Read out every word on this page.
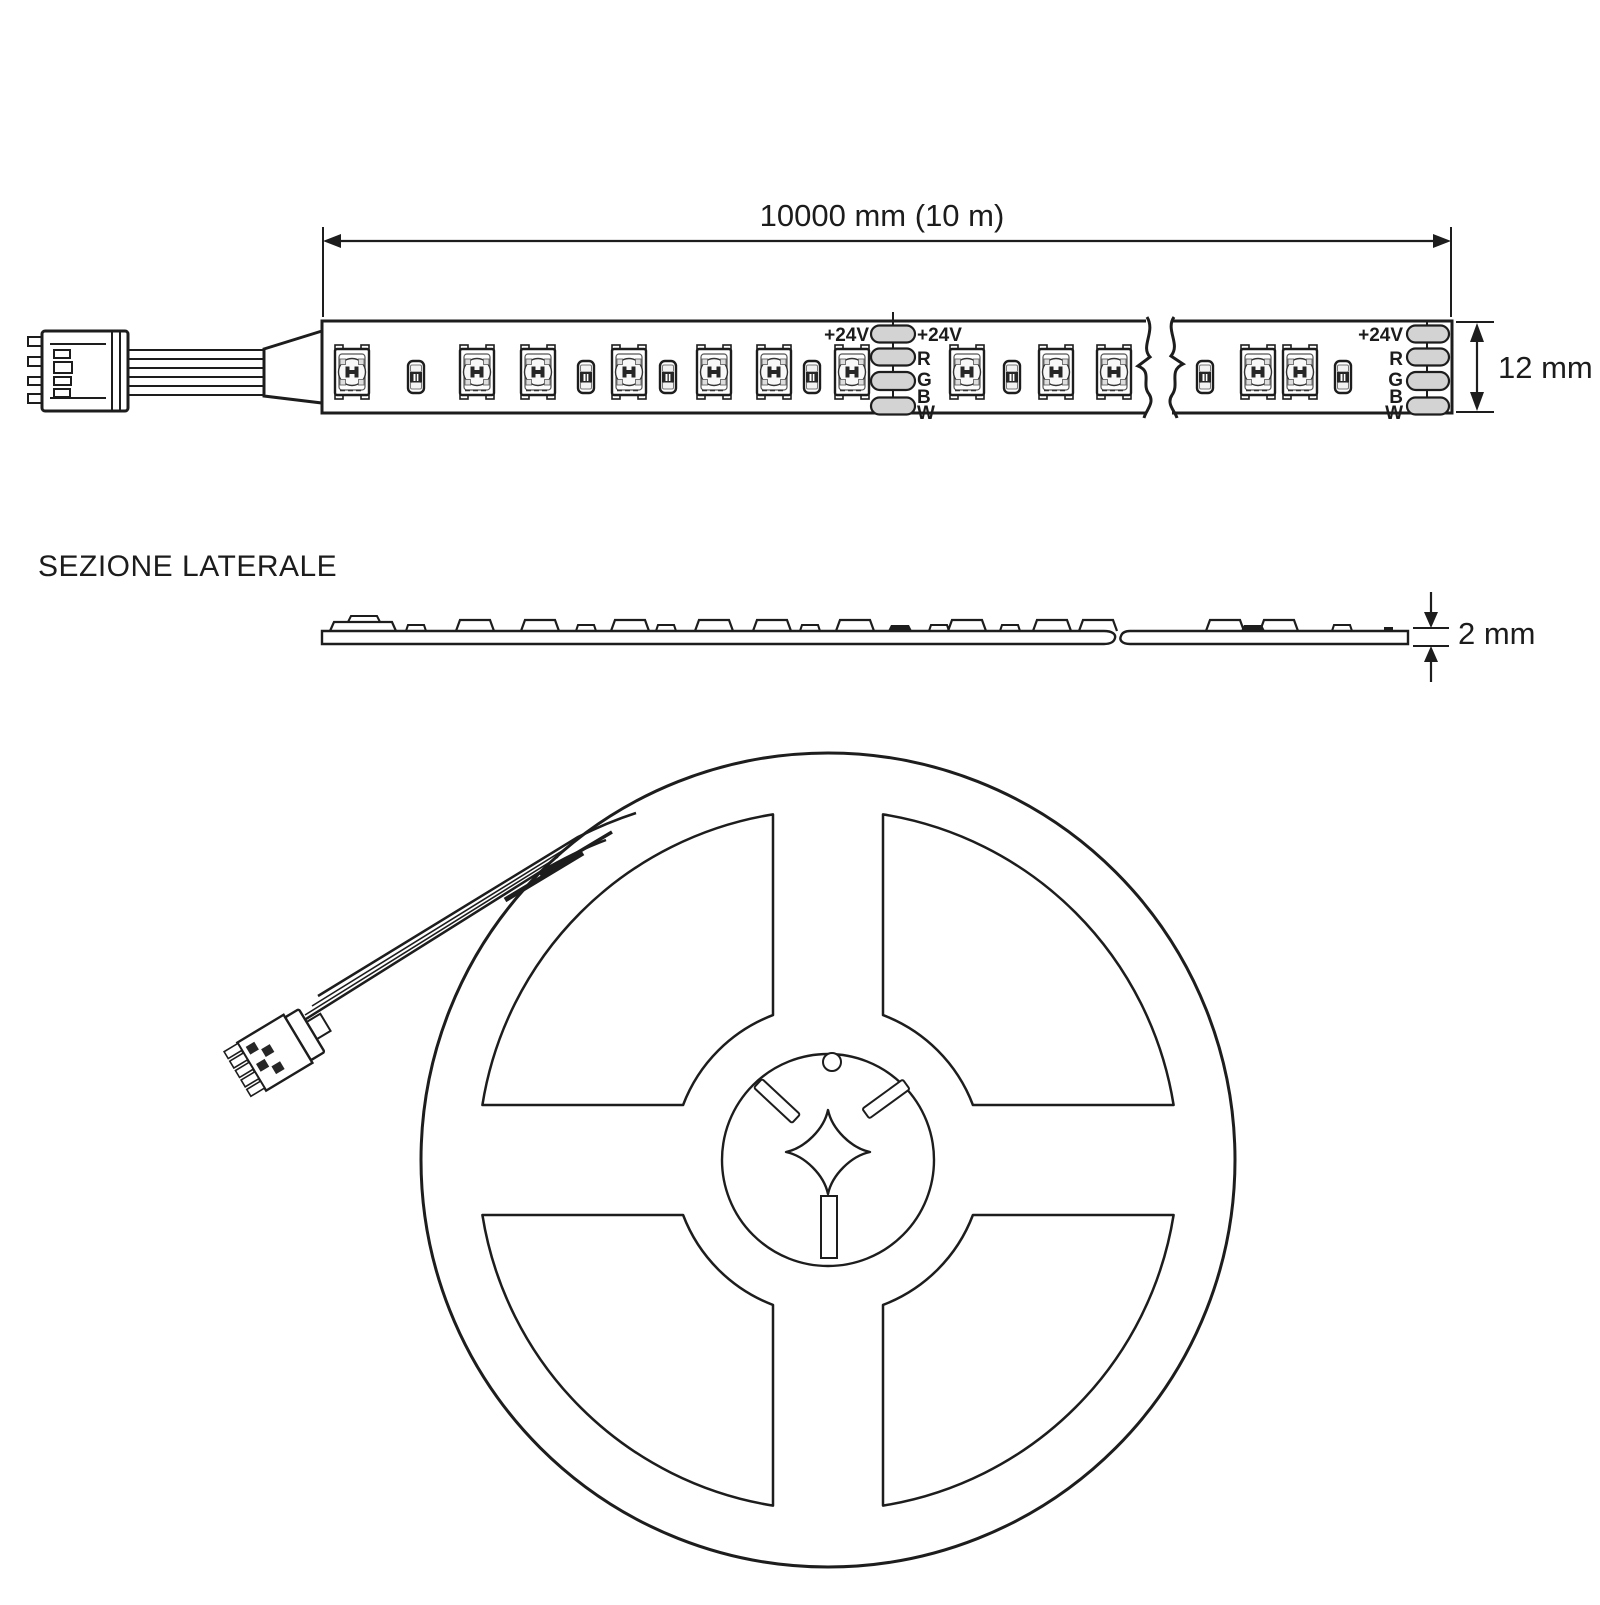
10000 mm (10 m)
+24V	+24V
R
G
B
W
+24V
R
G
B
W
12 mm
SEZIONE LATERALE
2 mm
